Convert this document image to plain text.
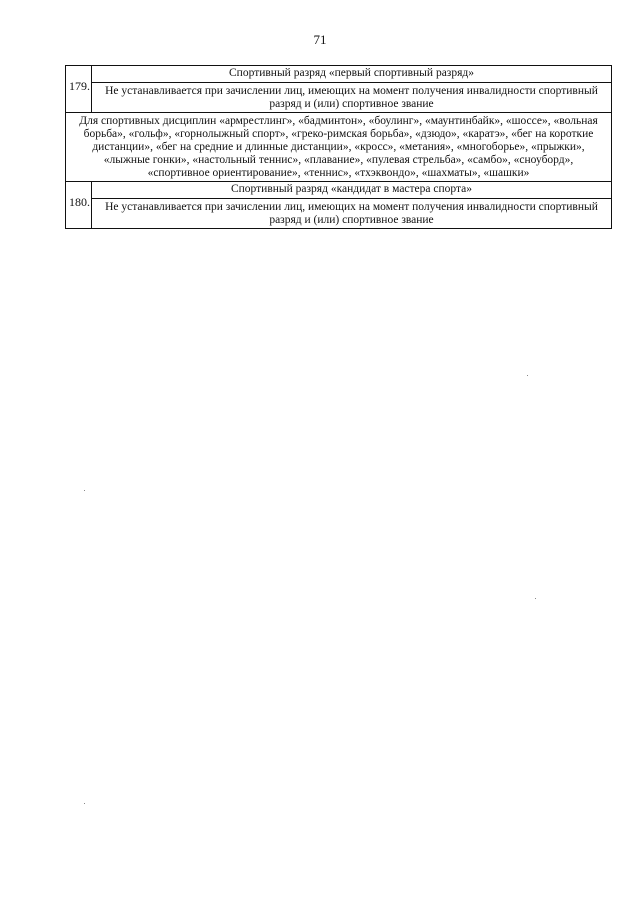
71
179.	Спортивный разряд «первый спортивный разряд»
	Не устанавливается при зачислении лиц, имеющих на момент получения инвалидности спортивный разряд и (или) спортивное звание
Для спортивных дисциплин «армрестлинг», «бадминтон», «боулинг», «маунтинбайк», «шоссе», «вольная борьба», «гольф», «горнолыжный спорт», «греко-римская борьба», «дзюдо», «каратэ», «бег на короткие дистанции», «бег на средние и длинные дистанции», «кросс», «метания», «многоборье», «прыжки», «лыжные гонки», «настольный теннис», «плавание», «пулевая стрельба», «самбо», «сноуборд», «спортивное ориентирование», «теннис», «тхэквондо», «шахматы», «шашки»	
180.	Спортивный разряд «кандидат в мастера спорта»
	Не устанавливается при зачислении лиц, имеющих на момент получения инвалидности спортивный разряд и (или) спортивное звание
